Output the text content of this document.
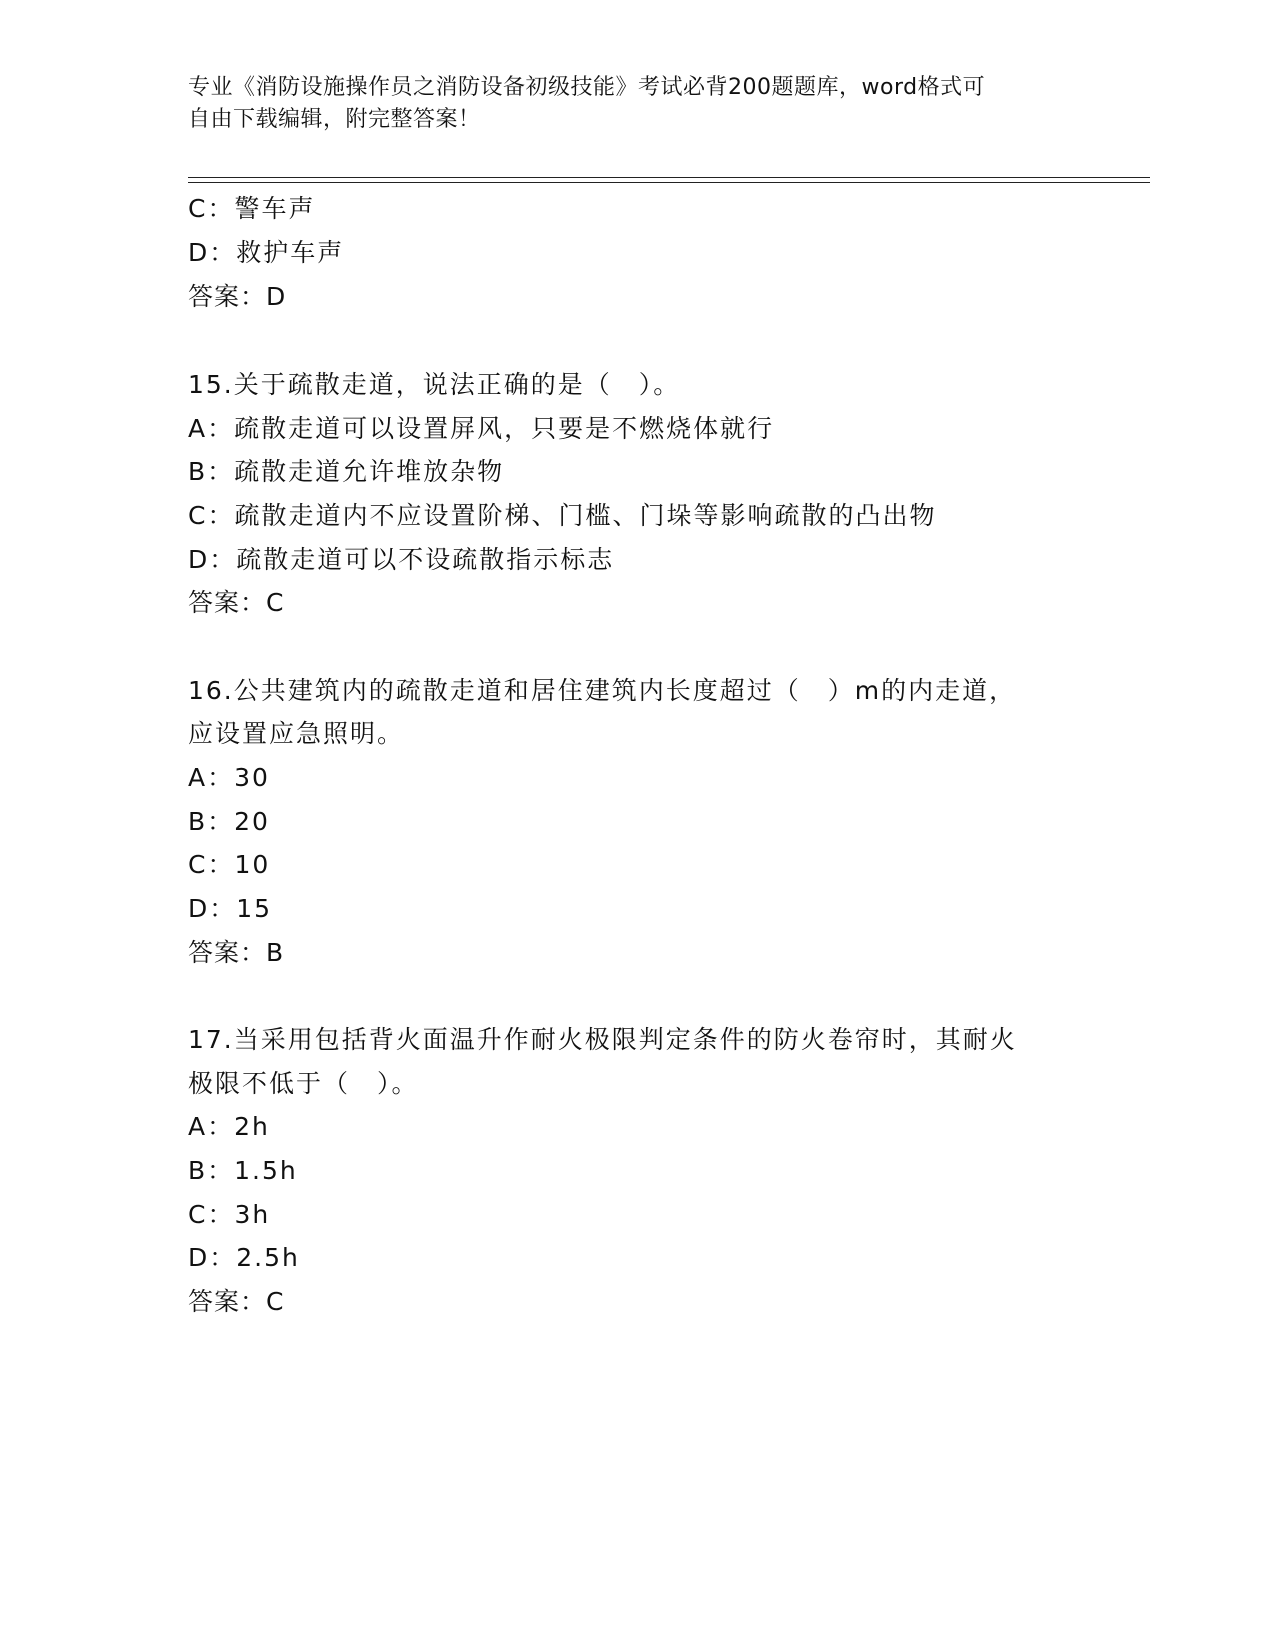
专业《消防设施操作员之消防设备初级技能》考试必背200题题库，word格式可
自由下载编辑，附完整答案！
C：警车声
D：救护车声
答案：D
15.关于疏散走道，说法正确的是（　）。
A：疏散走道可以设置屏风，只要是不燃烧体就行
B：疏散走道允许堆放杂物
C：疏散走道内不应设置阶梯、门槛、门垛等影响疏散的凸出物
D：疏散走道可以不设疏散指示标志
答案：C
16.公共建筑内的疏散走道和居住建筑内长度超过（　）m的内走道，
应设置应急照明。
A：30
B：20
C：10
D：15
答案：B
17.当采用包括背火面温升作耐火极限判定条件的防火卷帘时，其耐火
极限不低于（　）。
A：2h
B：1.5h
C：3h
D：2.5h
答案：C
